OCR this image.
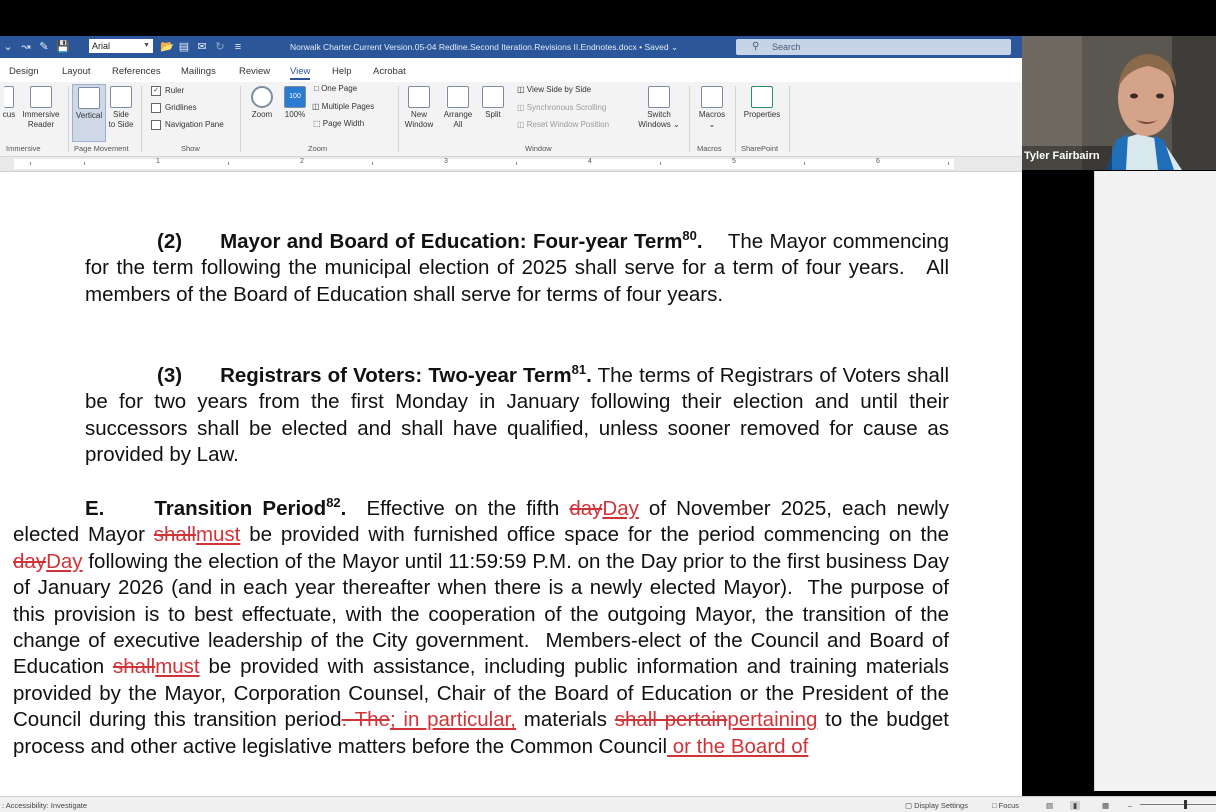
⌄ ↝ ✎ 💾	Arial	▼ 📂 ▤ ✉ ↻ ≡	Norwalk Charter.Current Version.05-04 Redline.Second Iteration.Revisions II.Endnotes.docx • Saved ⌄	⚲ Search
Design Layout References Mailings Review View Help Acrobat
cus Immersive
Reader
Immersive
Vertical	Side
to Side
Page Movement
✓ Ruler
Gridlines
Navigation Pane
Show
Zoom
100
100%
□ One Page
◫ Multiple Pages
⬚ Page Width
Zoom
New
Window
Arrange
All
Split
◫ View Side by Side
◫ Synchronous Scrolling
◫ Reset Window Position
Switch
Windows ⌄
Window
Macros
⌄
Macros
Properties
SharePoint
1	2	3	4	5	6
(2) Mayor and Board of Education: Four-year Term$^{80}$. The Mayor commencing for the term following the municipal election of 2025 shall serve for a term of four years.   All members of the Board of Education shall serve for terms of four years.
(3) Registrars of Voters: Two-year Term$^{81}$. The terms of Registrars of Voters shall be for two years from the first Monday in January following their election and until their successors shall be elected and shall have qualified, unless sooner removed for cause as provided by Law.
E. Transition Period$^{82}$. Effective on the fifth dayDay of November 2025, each newly elected Mayor shallmust be provided with furnished office space for the period commencing on the dayDay following the election of the Mayor until 11:59:59 P.M. on the Day prior to the first business Day of January 2026 (and in each year thereafter when there is a newly elected Mayor).  The purpose of this provision is to best effectuate, with the cooperation of the outgoing Mayor, the transition of the change of executive leadership of the City government.  Members-elect of the Council and Board of Education shallmust be provided with assistance, including public information and training materials provided by the Mayor, Corporation Counsel, Chair of the Board of Education or the President of the Council during this transition period. The; in particular, materials shall pertainpertaining to the budget process and other active legislative matters before the Common Council or the Board of
: Accessibility: Investigate	▢ Display Settings	□ Focus	▤	▮	▦	–
Tyler Fairbairn
